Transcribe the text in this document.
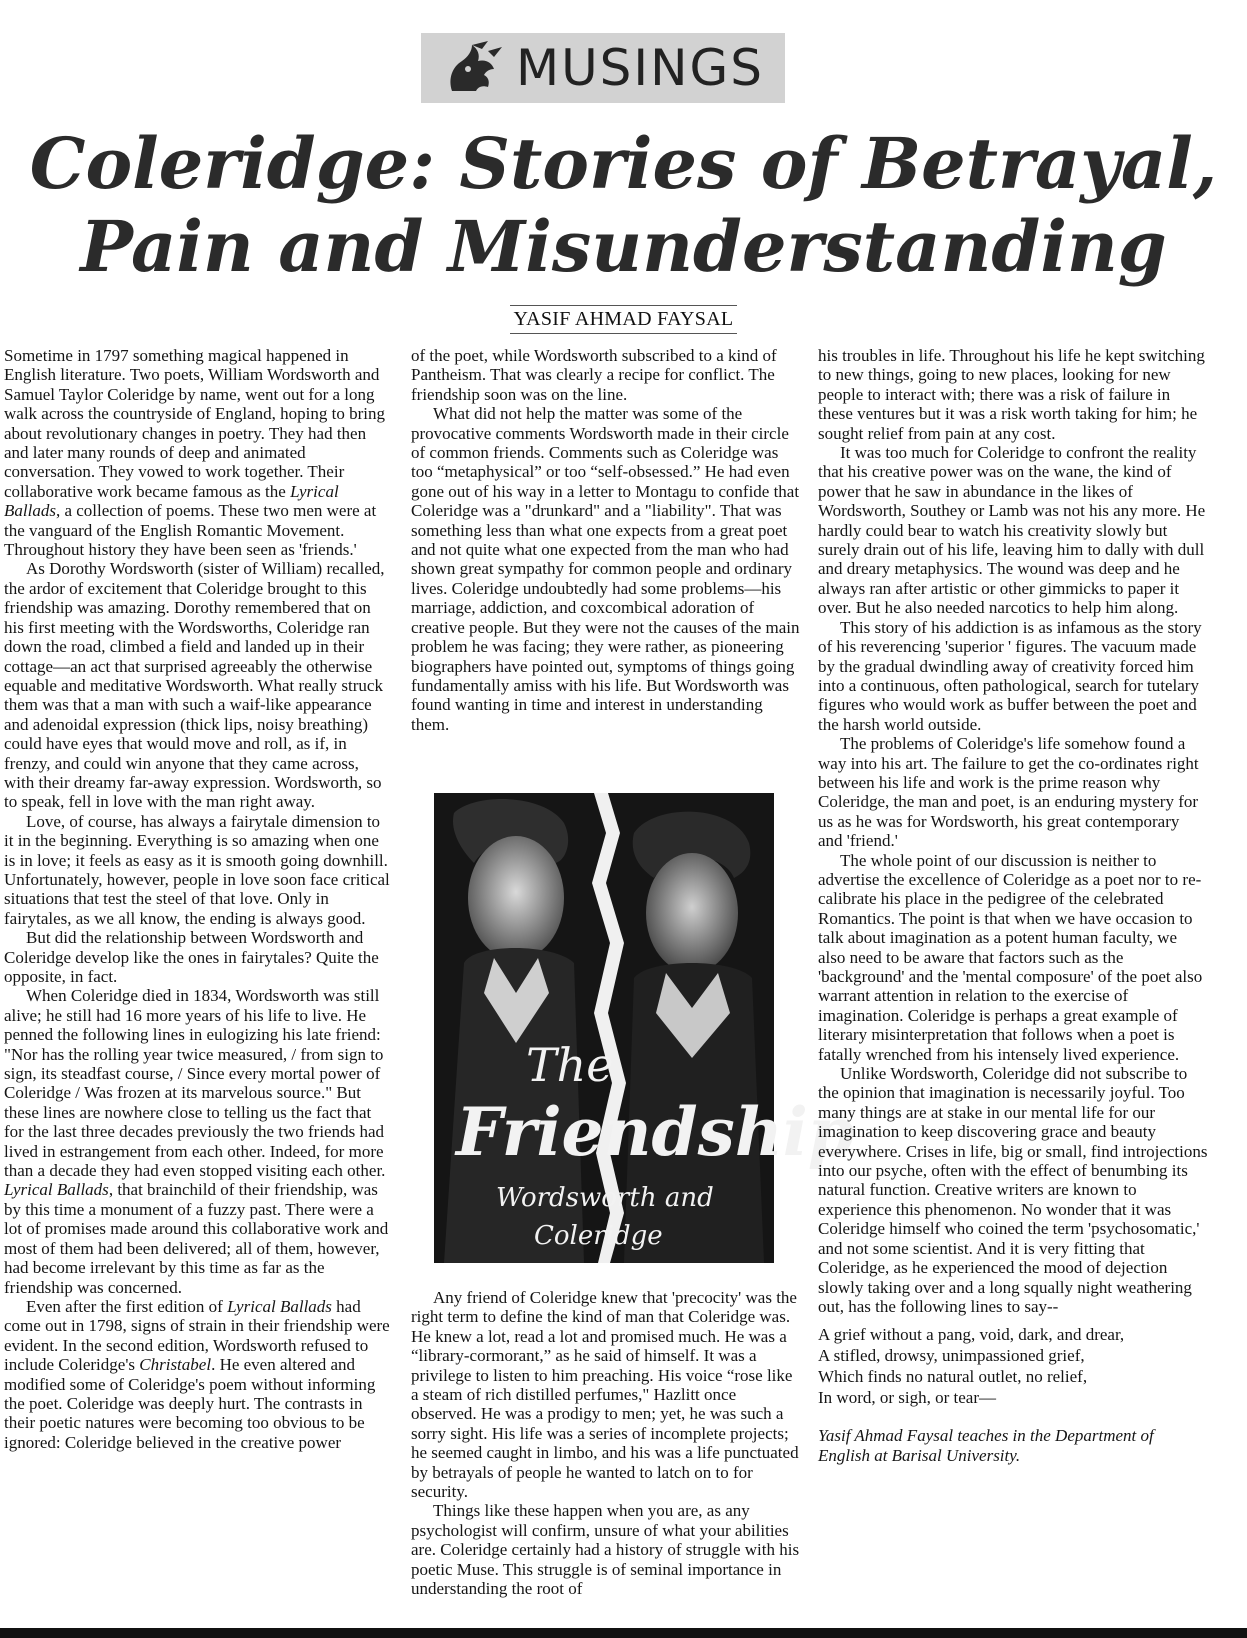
MUSINGS
Coleridge: Stories of Betrayal,
Pain and Misunderstanding
YASIF AHMAD FAYSAL

Sometime in 1797 something magical happened in English literature. Two poets, William Wordsworth and Samuel Taylor Coleridge by name, went out for a long walk across the countryside of England, hoping to bring about revolutionary changes in poetry. They had then and later many rounds of deep and animated conversation. They vowed to work together. Their collaborative work became famous as the Lyrical Ballads, a collection of poems. These two men were at the vanguard of the English Romantic Movement. Throughout history they have been seen as 'friends.'

As Dorothy Wordsworth (sister of William) recalled, the ardor of excitement that Coleridge brought to this friendship was amazing. Dorothy remembered that on his first meeting with the Wordsworths, Coleridge ran down the road, climbed a field and landed up in their cottage—an act that surprised agreeably the otherwise equable and meditative Wordsworth. What really struck them was that a man with such a waif-like appearance and adenoidal expression (thick lips, noisy breathing) could have eyes that would move and roll, as if, in frenzy, and could win anyone that they came across, with their dreamy far-away expression. Wordsworth, so to speak, fell in love with the man right away.

Love, of course, has always a fairytale dimension to it in the beginning. Everything is so amazing when one is in love; it feels as easy as it is smooth going downhill. Unfortunately, however, people in love soon face critical situations that test the steel of that love. Only in fairytales, as we all know, the ending is always good.

But did the relationship between Wordsworth and Coleridge develop like the ones in fairytales? Quite the opposite, in fact.

When Coleridge died in 1834, Wordsworth was still alive; he still had 16 more years of his life to live. He penned the following lines in eulogizing his late friend: "Nor has the rolling year twice measured, / from sign to sign, its steadfast course, / Since every mortal power of Coleridge / Was frozen at its marvelous source." But these lines are nowhere close to telling us the fact that for the last three decades previously the two friends had lived in estrangement from each other. Indeed, for more than a decade they had even stopped visiting each other. Lyrical Ballads, that brainchild of their friendship, was by this time a monument of a fuzzy past. There were a lot of promises made around this collaborative work and most of them had been delivered; all of them, however, had become irrelevant by this time as far as the friendship was concerned.

Even after the first edition of Lyrical Ballads had come out in 1798, signs of strain in their friendship were evident. In the second edition, Wordsworth refused to include Coleridge's Christabel. He even altered and modified some of Coleridge's poem without informing the poet. Coleridge was deeply hurt. The contrasts in their poetic natures were becoming too obvious to be ignored: Coleridge believed in the creative power

of the poet, while Wordsworth subscribed to a kind of Pantheism. That was clearly a recipe for conflict. The friendship soon was on the line.

What did not help the matter was some of the provocative comments Wordsworth made in their circle of common friends. Comments such as Coleridge was too “metaphysical” or too “self-obsessed.” He had even gone out of his way in a letter to Montagu to confide that Coleridge was a "drunkard" and a "liability". That was something less than what one expects from a great poet and not quite what one expected from the man who had shown great sympathy for common people and ordinary lives. Coleridge undoubtedly had some problems—his marriage, addiction, and coxcombical adoration of creative people. But they were not the causes of the main problem he was facing; they were rather, as pioneering biographers have pointed out, symptoms of things going fundamentally amiss with his life. But Wordsworth was found wanting in time and interest in understanding them.

The
Friendship
Wordsworth and
Coleridge

Any friend of Coleridge knew that 'precocity' was the right term to define the kind of man that Coleridge was. He knew a lot, read a lot and promised much. He was a “library-cormorant,” as he said of himself. It was a privilege to listen to him preaching. His voice “rose like a steam of rich distilled perfumes," Hazlitt once observed. He was a prodigy to men; yet, he was such a sorry sight. His life was a series of incomplete projects; he seemed caught in limbo, and his was a life punctuated by betrayals of people he wanted to latch on to for security.

Things like these happen when you are, as any psychologist will confirm, unsure of what your abilities are. Coleridge certainly had a history of struggle with his poetic Muse. This struggle is of seminal importance in understanding the root of

his troubles in life. Throughout his life he kept switching to new things, going to new places, looking for new people to interact with; there was a risk of failure in these ventures but it was a risk worth taking for him; he sought relief from pain at any cost.

It was too much for Coleridge to confront the reality that his creative power was on the wane, the kind of power that he saw in abundance in the likes of Wordsworth, Southey or Lamb was not his any more. He hardly could bear to watch his creativity slowly but surely drain out of his life, leaving him to dally with dull and dreary metaphysics. The wound was deep and he always ran after artistic or other gimmicks to paper it over. But he also needed narcotics to help him along.

This story of his addiction is as infamous as the story of his reverencing 'superior ' figures. The vacuum made by the gradual dwindling away of creativity forced him into a continuous, often pathological, search for tutelary figures who would work as buffer between the poet and the harsh world outside.

The problems of Coleridge's life somehow found a way into his art. The failure to get the co-ordinates right between his life and work is the prime reason why Coleridge, the man and poet, is an enduring mystery for us as he was for Wordsworth, his great contemporary and 'friend.'

The whole point of our discussion is neither to advertise the excellence of Coleridge as a poet nor to re-calibrate his place in the pedigree of the celebrated Romantics. The point is that when we have occasion to talk about imagination as a potent human faculty, we also need to be aware that factors such as the 'background' and the 'mental composure' of the poet also warrant attention in relation to the exercise of imagination. Coleridge is perhaps a great example of literary misinterpretation that follows when a poet is fatally wrenched from his intensely lived experience.

Unlike Wordsworth, Coleridge did not subscribe to the opinion that imagination is necessarily joyful. Too many things are at stake in our mental life for our imagination to keep discovering grace and beauty everywhere. Crises in life, big or small, find introjections into our psyche, often with the effect of benumbing its natural function. Creative writers are known to experience this phenomenon. No wonder that it was Coleridge himself who coined the term 'psychosomatic,' and not some scientist. And it is very fitting that Coleridge, as he experienced the mood of dejection slowly taking over and a long squally night weathering out, has the following lines to say--

A grief without a pang, void, dark, and drear,
A stifled, drowsy, unimpassioned grief,
Which finds no natural outlet, no relief,
In word, or sigh, or tear—
Yasif Ahmad Faysal teaches in the Department of
English at Barisal University.
